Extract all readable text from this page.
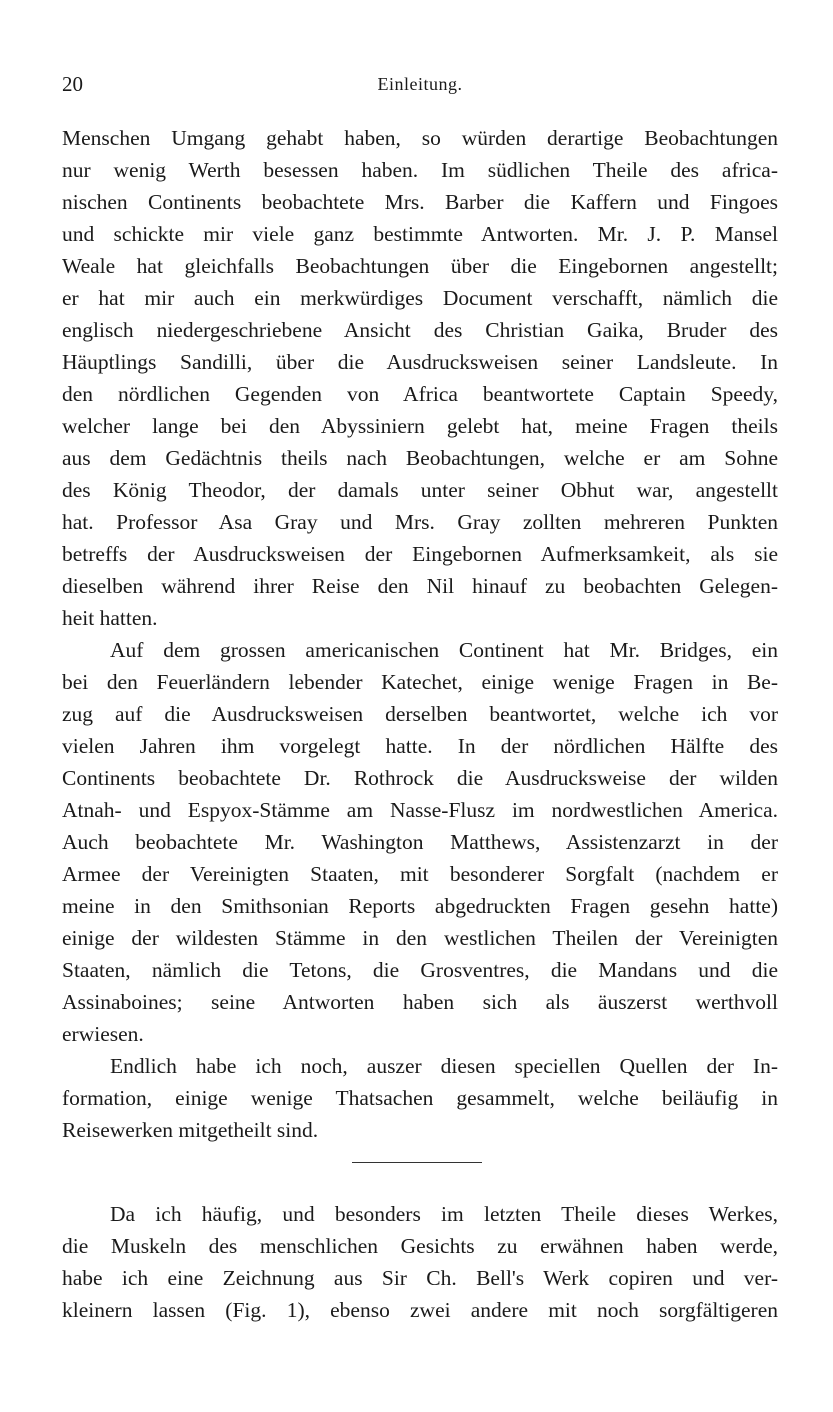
20	Einleitung.
Menschen Umgang gehabt haben, so würden derartige Beobachtungen
nur wenig Werth besessen haben. Im südlichen Theile des africa-
nischen Continents beobachtete Mrs. Barber die Kaffern und Fingoes
und schickte mir viele ganz bestimmte Antworten. Mr. J. P. Mansel
Weale hat gleichfalls Beobachtungen über die Eingebornen angestellt;
er hat mir auch ein merkwürdiges Document verschafft, nämlich die
englisch niedergeschriebene Ansicht des Christian Gaika, Bruder des
Häuptlings Sandilli, über die Ausdrucksweisen seiner Landsleute. In
den nördlichen Gegenden von Africa beantwortete Captain Speedy,
welcher lange bei den Abyssiniern gelebt hat, meine Fragen theils
aus dem Gedächtnis theils nach Beobachtungen, welche er am Sohne
des König Theodor, der damals unter seiner Obhut war, angestellt
hat. Professor Asa Gray und Mrs. Gray zollten mehreren Punkten
betreffs der Ausdrucksweisen der Eingebornen Aufmerksamkeit, als sie
dieselben während ihrer Reise den Nil hinauf zu beobachten Gelegen-
heit hatten.
Auf dem grossen americanischen Continent hat Mr. Bridges, ein
bei den Feuerländern lebender Katechet, einige wenige Fragen in Be-
zug auf die Ausdrucksweisen derselben beantwortet, welche ich vor
vielen Jahren ihm vorgelegt hatte. In der nördlichen Hälfte des
Continents beobachtete Dr. Rothrock die Ausdrucksweise der wilden
Atnah- und Espyox-Stämme am Nasse-Flusz im nordwestlichen America.
Auch beobachtete Mr. Washington Matthews, Assistenzarzt in der
Armee der Vereinigten Staaten, mit besonderer Sorgfalt (nachdem er
meine in den Smithsonian Reports abgedruckten Fragen gesehn hatte)
einige der wildesten Stämme in den westlichen Theilen der Vereinigten
Staaten, nämlich die Tetons, die Grosventres, die Mandans und die
Assinaboines; seine Antworten haben sich als äuszerst werthvoll
erwiesen.
Endlich habe ich noch, auszer diesen speciellen Quellen der In-
formation, einige wenige Thatsachen gesammelt, welche beiläufig in
Reisewerken mitgetheilt sind.
Da ich häufig, und besonders im letzten Theile dieses Werkes,
die Muskeln des menschlichen Gesichts zu erwähnen haben werde,
habe ich eine Zeichnung aus Sir Ch. Bell's Werk copiren und ver-
kleinern lassen (Fig. 1), ebenso zwei andere mit noch sorgfältigeren
